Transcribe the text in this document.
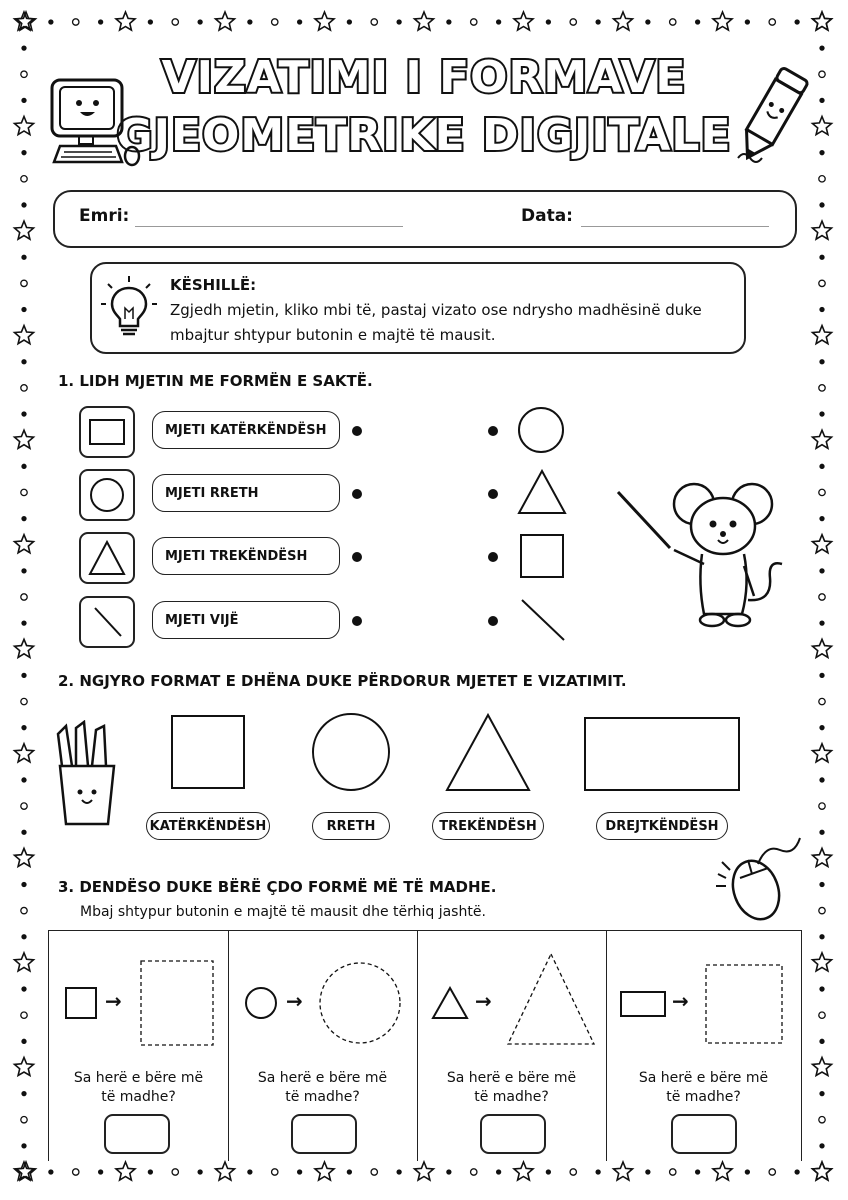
VIZATIMI I FORMAVE
GJEOMETRIKE DIGJITALE
Emri:	Data:
KËSHILLË:
Zgjedh mjetin, kliko mbi të, pastaj vizato ose ndrysho madhësinë duke mbajtur shtypur butonin e majtë të mausit.
1. LIDH MJETIN ME FORMËN E SAKTË.
MJETI KATËRKËNDËSH
MJETI RRETH
MJETI TREKËNDËSH
MJETI VIJË
2. NGJYRO FORMAT E DHËNA DUKE PËRDORUR MJETET E VIZATIMIT.
KATËRKËNDËSH	RRETH	TREKËNDËSH	DREJTKËNDËSH
3. DENDËSO DUKE BËRË ÇDO FORMË MË TË MADHE.
Mbaj shtypur butonin e majtë të mausit dhe tërhiq jashtë.
→
Sa herë e bëre më
të madhe?
→
Sa herë e bëre më
të madhe?
→
Sa herë e bëre më
të madhe?
→
Sa herë e bëre më
të madhe?
